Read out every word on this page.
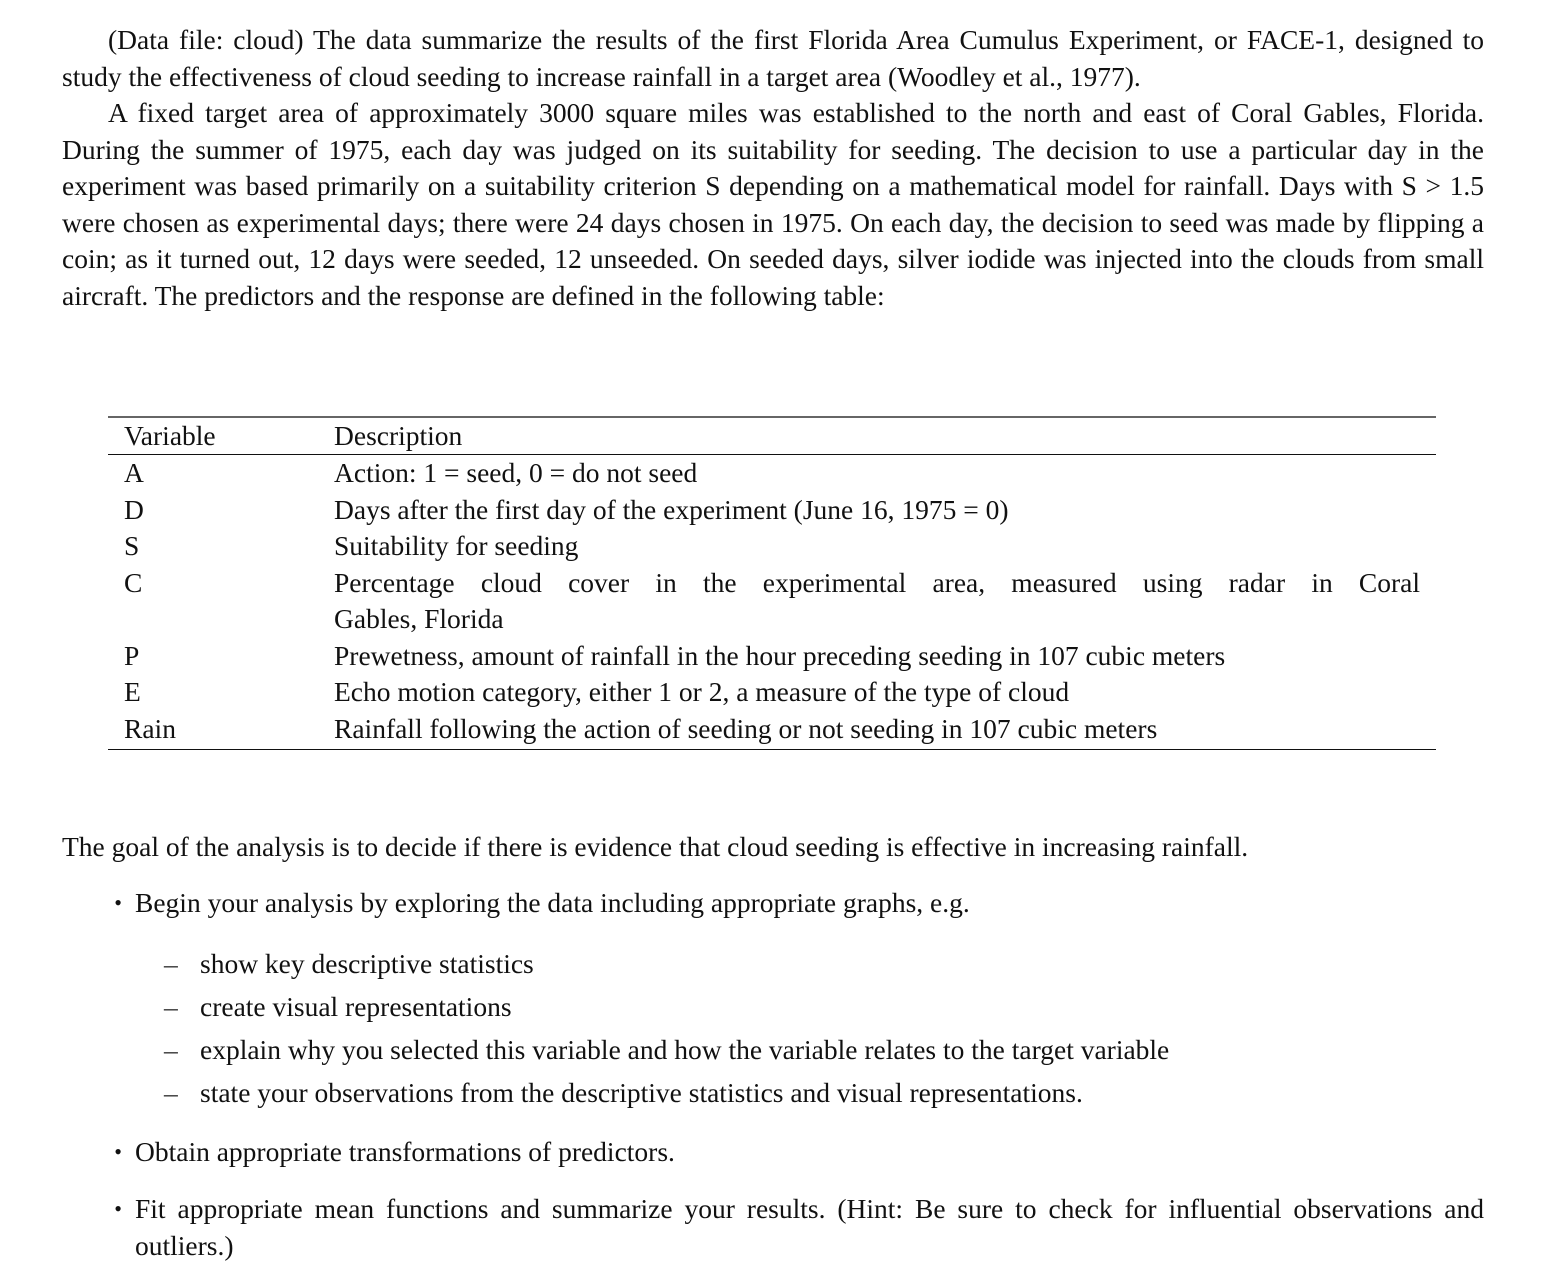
(Data file: cloud) The data summarize the results of the first Florida Area Cumulus Experiment, or FACE-1, designed to study the effectiveness of cloud seeding to increase rainfall in a target area (Woodley et al., 1977).

A fixed target area of approximately 3000 square miles was established to the north and east of Coral Gables, Florida. During the summer of 1975, each day was judged on its suitability for seeding. The decision to use a particular day in the experiment was based primarily on a suitability criterion S depending on a mathematical model for rainfall. Days with S > 1.5 were chosen as experimental days; there were 24 days chosen in 1975. On each day, the decision to seed was made by flipping a coin; as it turned out, 12 days were seeded, 12 unseeded. On seeded days, silver iodide was injected into the clouds from small aircraft. The predictors and the response are defined in the following table:

Variable	Description
A	Action: 1 = seed, 0 = do not seed
D	Days after the first day of the experiment (June 16, 1975 = 0)
S	Suitability for seeding
C	Percentage cloud cover in the experimental area, measured using radar in Coral
Gables, Florida
P	Prewetness, amount of rainfall in the hour preceding seeding in 107 cubic meters
E	Echo motion category, either 1 or 2, a measure of the type of cloud
Rain	Rainfall following the action of seeding or not seeding in 107 cubic meters
The goal of the analysis is to decide if there is evidence that cloud seeding is effective in increasing rainfall.
• Begin your analysis by exploring the data including appropriate graphs, e.g.
– show key descriptive statistics
– create visual representations
– explain why you selected this variable and how the variable relates to the target variable
– state your observations from the descriptive statistics and visual representations.
• Obtain appropriate transformations of predictors.
• Fit appropriate mean functions and summarize your results. (Hint: Be sure to check for influential observations and outliers.)
